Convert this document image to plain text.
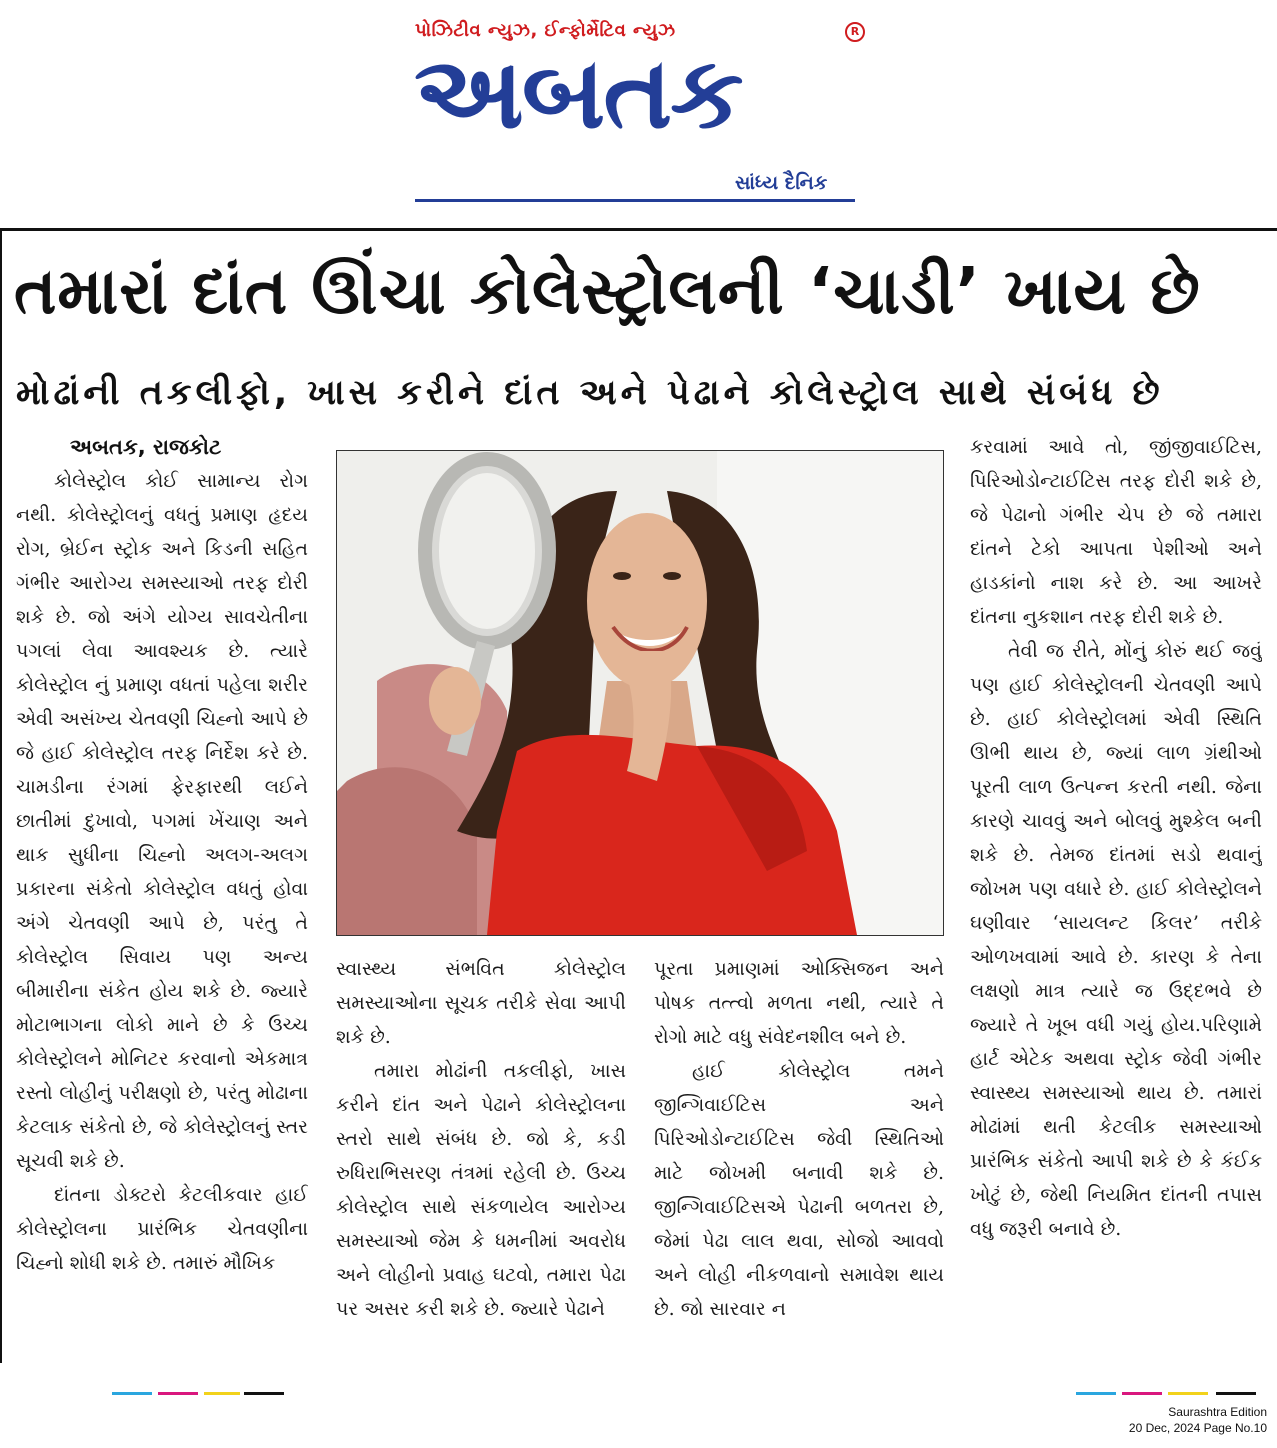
પોઝિટીવ ન્યુઝ, ઈન્ફોર્મેટિવ ન્યુઝ	R
અબતક
સાંધ્ય દૈનિક
તમારાં દાંત ઊંચા કોલેસ્ટ્રોલની ‘ચાડી’ ખાય છે
મોઢાંની તકલીફો, ખાસ કરીને દાંત અને પેઢાને કોલેસ્ટ્રોલ સાથે સંબંધ છે
અબતક, રાજકોટ

કોલેસ્ટ્રોલ કોઈ સામાન્ય રોગ નથી. કોલેસ્ટ્રોલનું વધતું પ્રમાણ હૃદય રોગ, બ્રેઈન સ્ટ્રોક અને કિડની સહિત ગંભીર આરોગ્ય સમસ્યાઓ તરફ દોરી શકે છે. જો અંગે યોગ્ય સાવચેતીના પગલાં લેવા આવશ્યક છે. ત્યારે કોલેસ્ટ્રોલ નું પ્રમાણ વધતાં પહેલા શરીર એવી અસંખ્ય ચેતવણી ચિહ્નો આપે છે જે હાઈ કોલેસ્ટ્રોલ તરફ નિર્દેશ કરે છે. ચામડીના રંગમાં ફેરફારથી લઈને છાતીમાં દુખાવો, પગમાં ખેંચાણ અને થાક સુધીના ચિહ્નો અલગ-અલગ પ્રકારના સંકેતો કોલેસ્ટ્રોલ વધતું હોવા અંગે ચેતવણી આપે છે, પરંતુ તે કોલેસ્ટ્રોલ સિવાય પણ અન્ય બીમારીના સંકેત હોય શકે છે. જ્યારે મોટાભાગના લોકો માને છે કે ઉચ્ચ કોલેસ્ટ્રોલને મોનિટર કરવાનો એકમાત્ર રસ્તો લોહીનું પરીક્ષણો છે, પરંતુ મોઢાના કેટલાક સંકેતો છે, જે કોલેસ્ટ્રોલનું સ્તર સૂચવી શકે છે.

દાંતના ડોક્ટરો કેટલીકવાર હાઈ કોલેસ્ટ્રોલના પ્રારંભિક ચેતવણીના ચિહ્નો શોધી શકે છે. તમારું મૌખિક

સ્વાસ્થ્ય સંભવિત કોલેસ્ટ્રોલ સમસ્યાઓના સૂચક તરીકે સેવા આપી શકે છે.

તમારા મોઢાંની તકલીફો, ખાસ કરીને દાંત અને પેઢાને કોલેસ્ટ્રોલના સ્તરો સાથે સંબંધ છે. જો કે, કડી રુધિરાભિસરણ તંત્રમાં રહેલી છે. ઉચ્ચ કોલેસ્ટ્રોલ સાથે સંકળાયેલ આરોગ્ય સમસ્યાઓ જેમ કે ધમનીમાં અવરોધ અને લોહીનો પ્રવાહ ઘટવો, તમારા પેઢા પર અસર કરી શકે છે. જ્યારે પેઢાને

પૂરતા પ્રમાણમાં ઓક્સિજન અને પોષક તત્ત્વો મળતા નથી, ત્યારે તે રોગો માટે વધુ સંવેદનશીલ બને છે.

હાઈ કોલેસ્ટ્રોલ તમને જીન્ગિવાઈટિસ અને પિરિઓડોન્ટાઈટિસ જેવી સ્થિતિઓ માટે જોખમી બનાવી શકે છે. જીન્ગિવાઈટિસએ પેઢાની બળતરા છે, જેમાં પેઢા લાલ થવા, સોજો આવવો અને લોહી નીકળવાનો સમાવેશ થાય છે. જો સારવાર ન

કરવામાં આવે તો, જીંજીવાઈટિસ, પિરિઓડોન્ટાઈટિસ તરફ દોરી શકે છે, જે પેઢાનો ગંભીર ચેપ છે જે તમારા દાંતને ટેકો આપતા પેશીઓ અને હાડકાંનો નાશ કરે છે. આ આખરે દાંતના નુકશાન તરફ દોરી શકે છે.

તેવી જ રીતે, મોંનું કોરું થઈ જવું પણ હાઈ કોલેસ્ટ્રોલની ચેતવણી આપે છે. હાઈ કોલેસ્ટ્રોલમાં એવી સ્થિતિ ઊભી થાય છે, જ્યાં લાળ ગ્રંથીઓ પૂરતી લાળ ઉત્પન્ન કરતી નથી. જેના કારણે ચાવવું અને બોલવું મુશ્કેલ બની શકે છે. તેમજ દાંતમાં સડો થવાનું જોખમ પણ વધારે છે. હાઈ કોલેસ્ટ્રોલને ઘણીવાર ‘સાયલન્ટ કિલર’ તરીકે ઓળખવામાં આવે છે. કારણ કે તેના લક્ષણો માત્ર ત્યારે જ ઉદ્દભવે છે જ્યારે તે ખૂબ વધી ગયું હોય.પરિણામે હાર્ટ એટેક અથવા સ્ટ્રોક જેવી ગંભીર સ્વાસ્થ્ય સમસ્યાઓ થાય છે. તમારાં મોઢાંમાં થતી કેટલીક સમસ્યાઓ પ્રારંભિક સંકેતો આપી શકે છે કે કંઈક ખોટું છે, જેથી નિયમિત દાંતની તપાસ વધુ જરૂરી બનાવે છે.

Saurashtra Edition
20 Dec, 2024 Page No.10
